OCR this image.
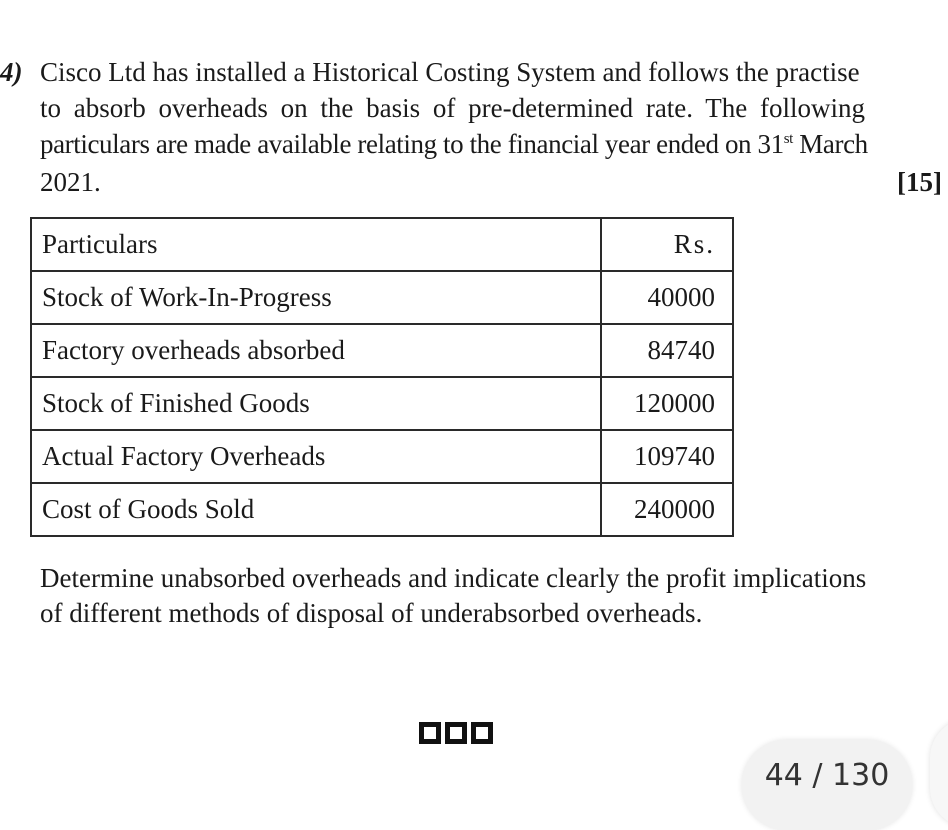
4) Cisco Ltd has installed a Historical Costing System and follows the practise
to absorb overheads on the basis of pre-determined rate. The following
particulars are made available relating to the financial year ended on 31st March
2021.	[15]
Particulars	Rs.
Stock of Work-In-Progress	40000
Factory overheads absorbed	84740
Stock of Finished Goods	120000
Actual Factory Overheads	109740
Cost of Goods Sold	240000
Determine unabsorbed overheads and indicate clearly the profit implications
of different methods of disposal of underabsorbed overheads.
44 / 130
